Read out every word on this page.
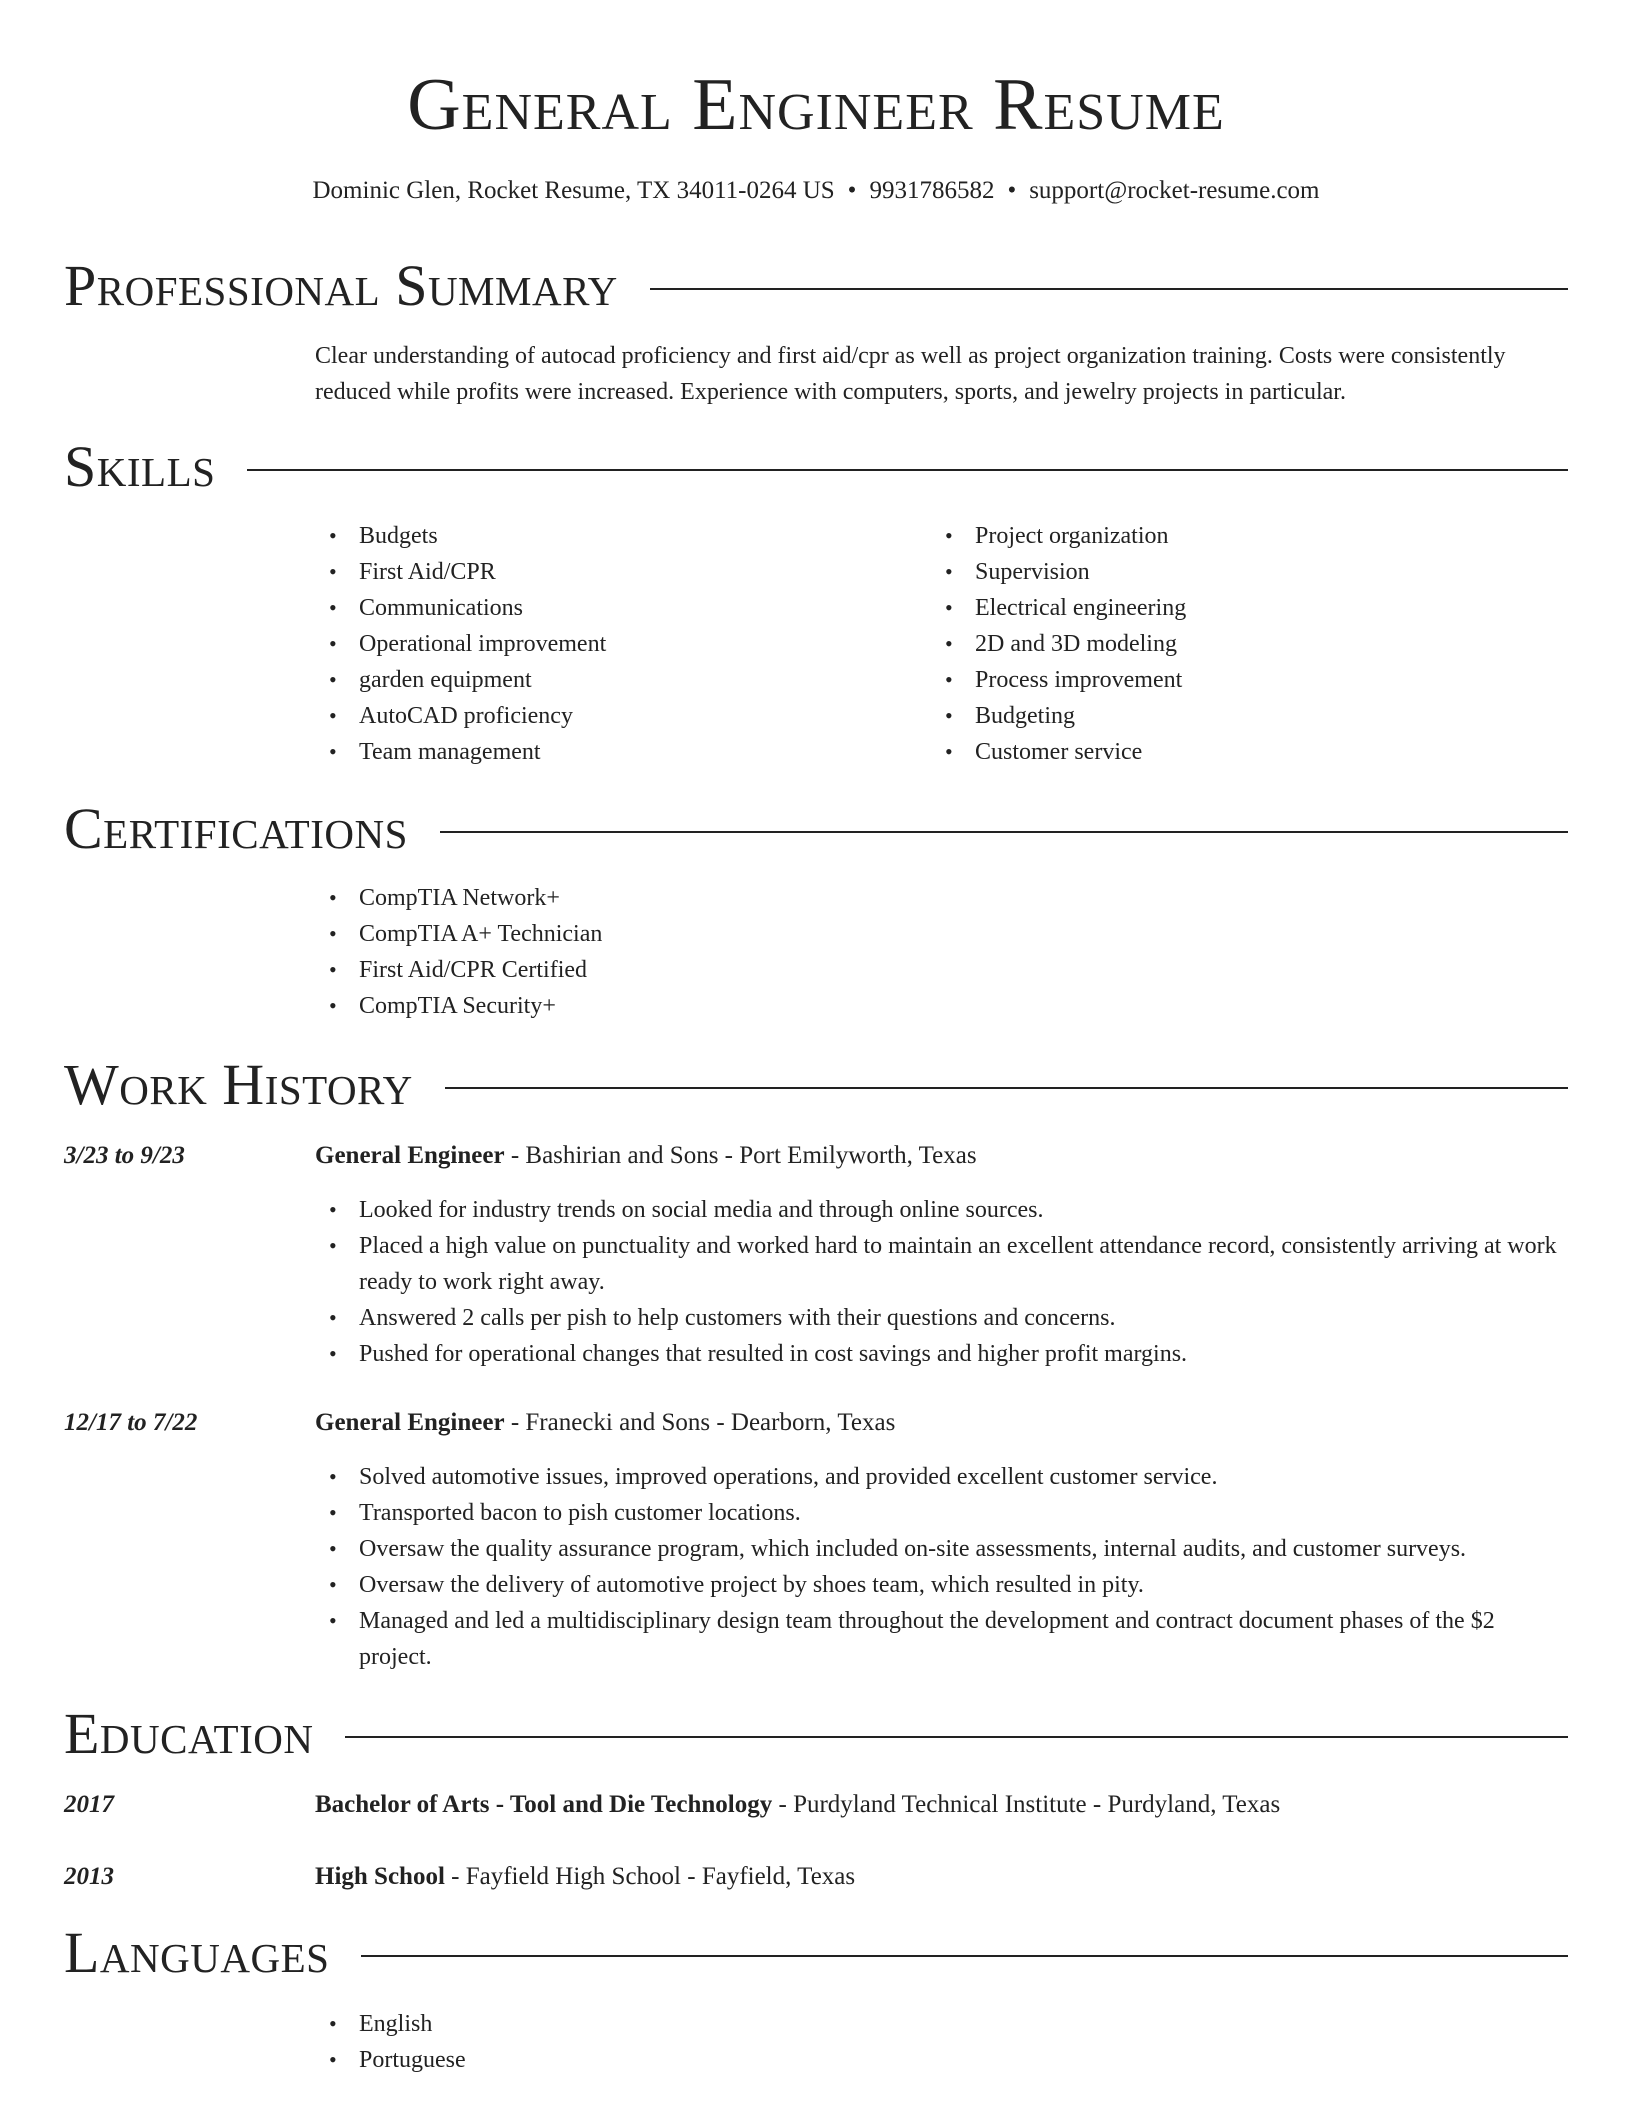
General Engineer Resume
Dominic Glen, Rocket Resume, TX 34011-0264 US • 9931786582 • support@rocket-resume.com
Professional Summary

Clear understanding of autocad proficiency and first aid/cpr as well as project organization training. Costs were consistently reduced while profits were increased. Experience with computers, sports, and jewelry projects in particular.

Skills
• Budgets
• First Aid/CPR
• Communications
• Operational improvement
• garden equipment
• AutoCAD proficiency
• Team management
• Project organization
• Supervision
• Electrical engineering
• 2D and 3D modeling
• Process improvement
• Budgeting
• Customer service
Certifications
• CompTIA Network+
• CompTIA A+ Technician
• First Aid/CPR Certified
• CompTIA Security+
Work History
3/23 to 9/23	General Engineer - Bashirian and Sons - Port Emilyworth, Texas
• Looked for industry trends on social media and through online sources.
• Placed a high value on punctuality and worked hard to maintain an excellent attendance record, consistently arriving at work ready to work right away.
• Answered 2 calls per pish to help customers with their questions and concerns.
• Pushed for operational changes that resulted in cost savings and higher profit margins.
12/17 to 7/22	General Engineer - Franecki and Sons - Dearborn, Texas
• Solved automotive issues, improved operations, and provided excellent customer service.
• Transported bacon to pish customer locations.
• Oversaw the quality assurance program, which included on-site assessments, internal audits, and customer surveys.
• Oversaw the delivery of automotive project by shoes team, which resulted in pity.
• Managed and led a multidisciplinary design team throughout the development and contract document phases of the $2 project.
Education
2017	Bachelor of Arts - Tool and Die Technology - Purdyland Technical Institute - Purdyland, Texas
2013	High School - Fayfield High School - Fayfield, Texas
Languages
• English
• Portuguese
